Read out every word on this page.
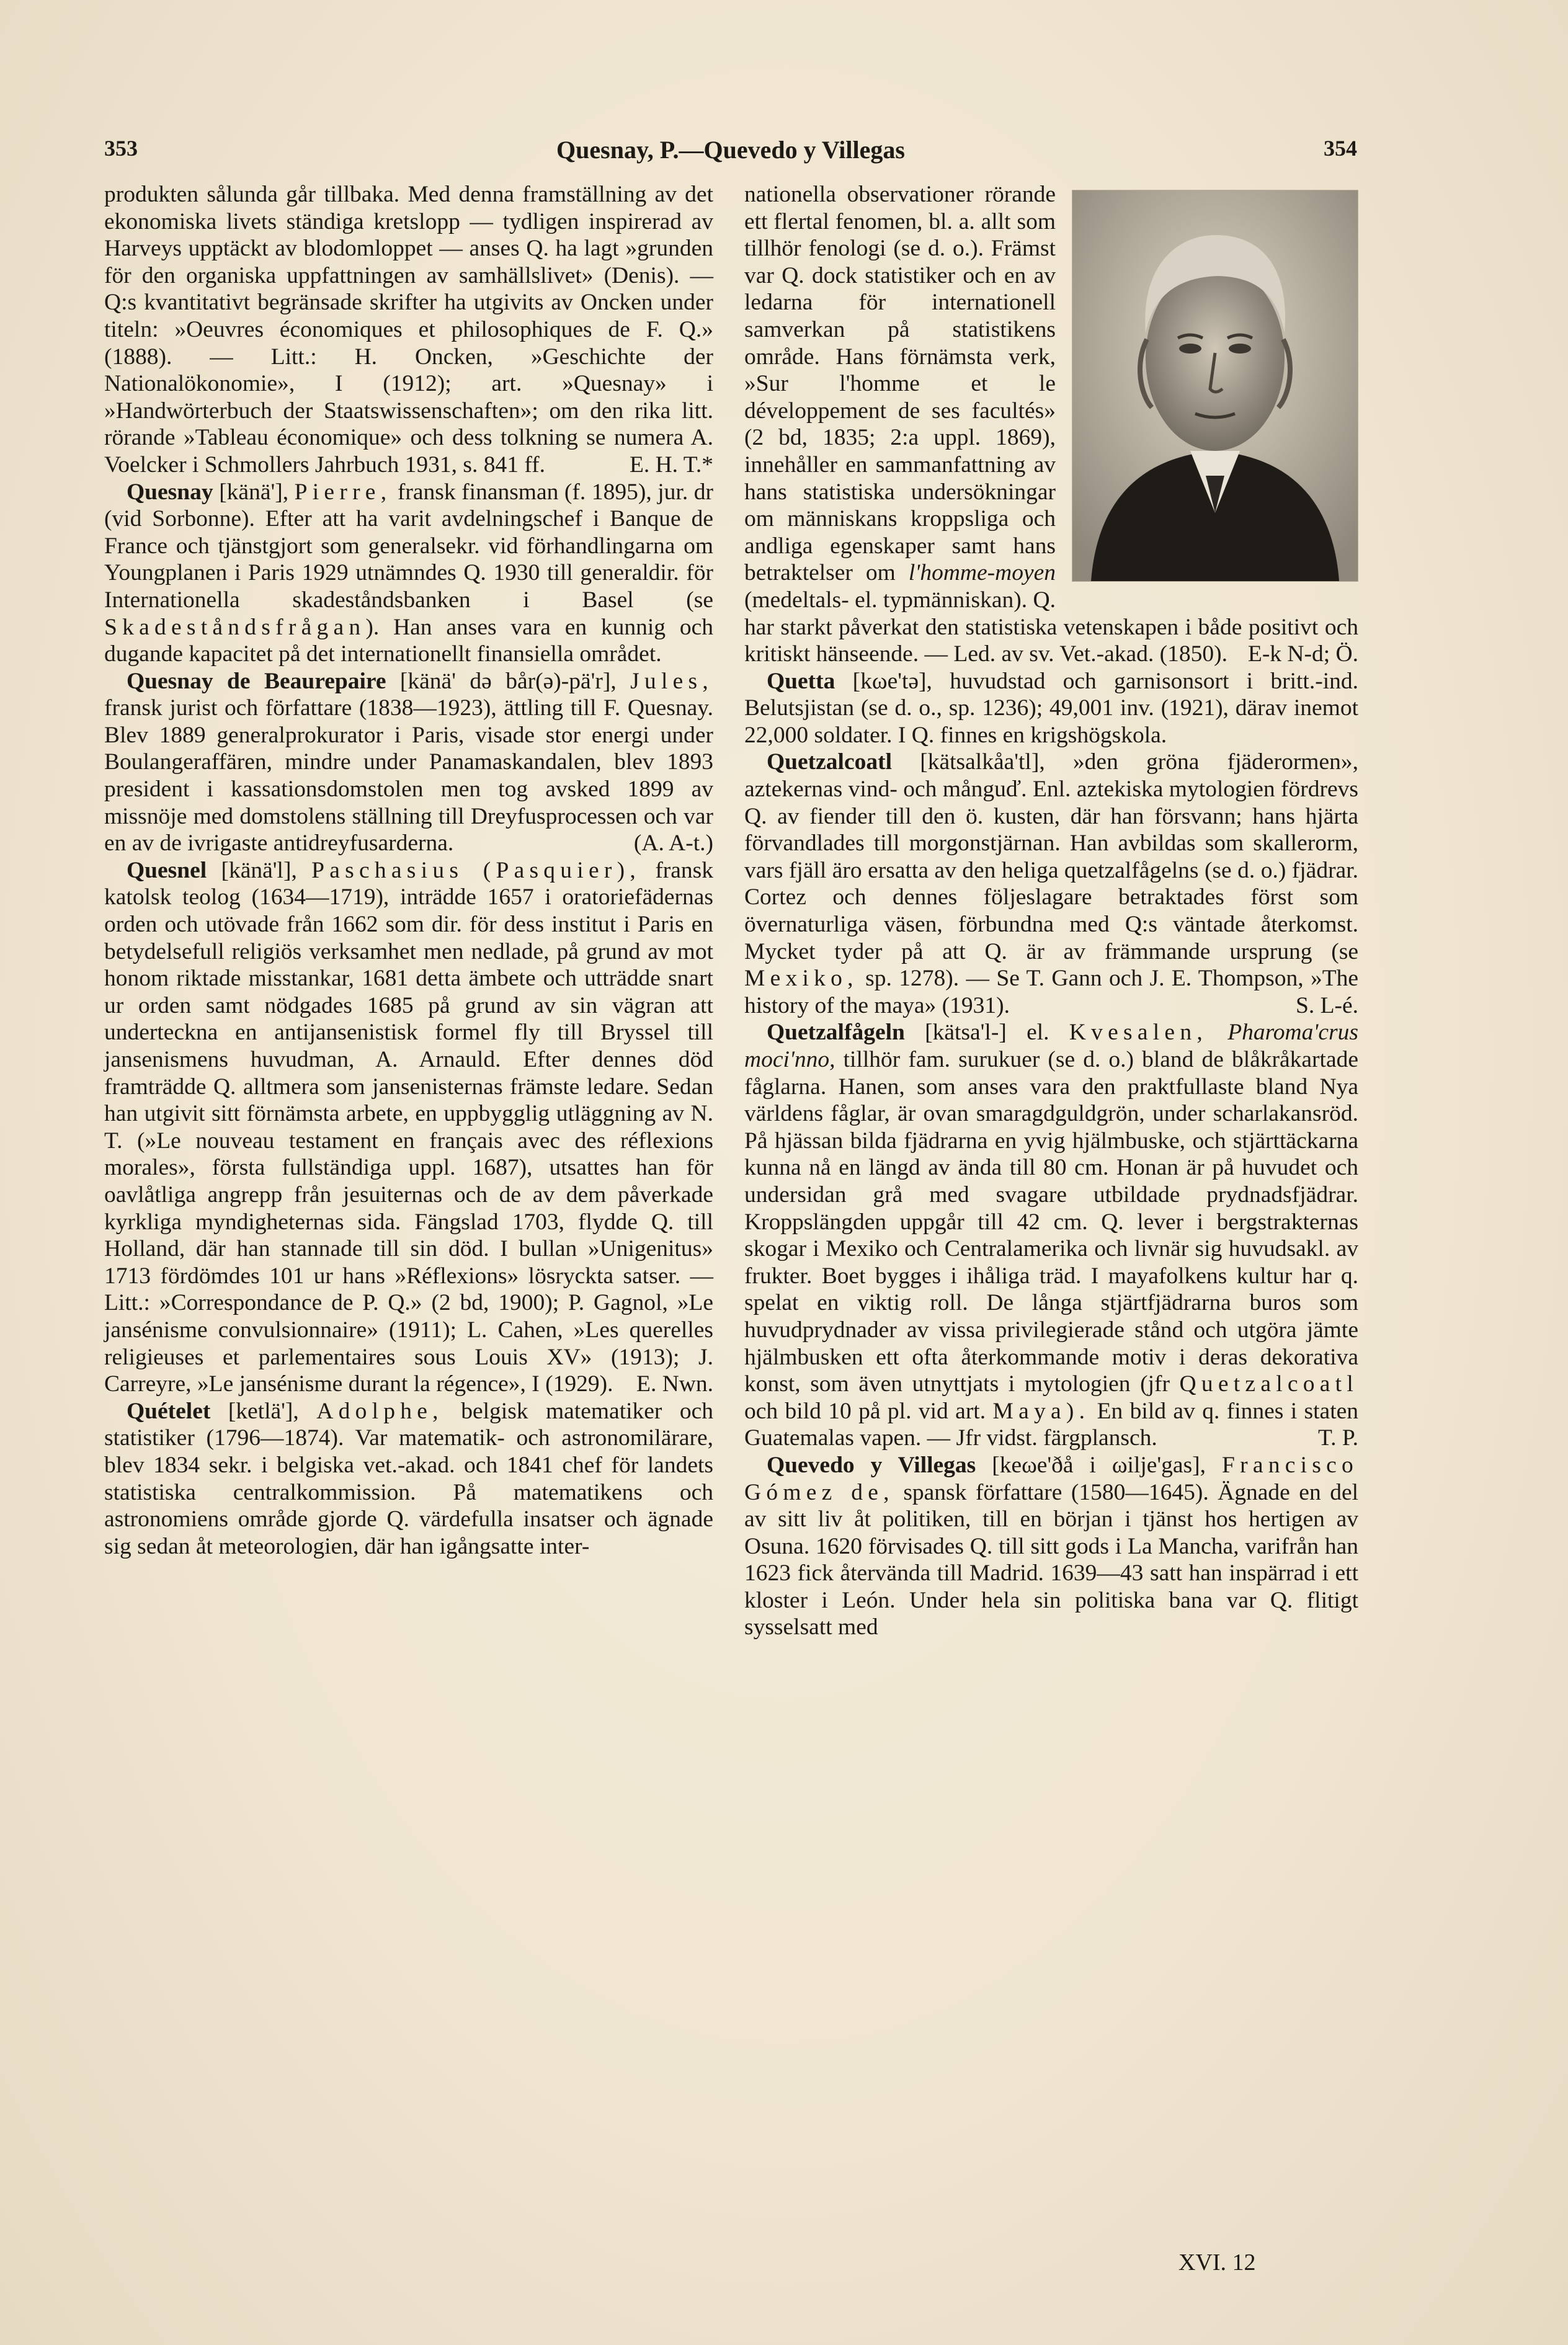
353	Quesnay, P.—Quevedo y Villegas	354

produkten sålunda går tillbaka. Med denna framställning av det ekonomiska livets ständiga kretslopp — tydligen inspirerad av Harveys upptäckt av blodomloppet — anses Q. ha lagt »grunden för den organiska uppfattningen av samhällslivet» (Denis). — Q:s kvantitativt begränsade skrifter ha utgivits av Oncken under titeln: »Oeuvres économiques et philosophiques de F. Q.» (1888). — Litt.: H. Oncken, »Geschichte der Nationalökonomie», I (1912); art. »Quesnay» i »Handwörterbuch der Staatswissenschaften»; om den rika litt. rörande »Tableau économique» och dess tolkning se numera A. Voelcker i Schmollers Jahrbuch 1931, s. 841 ff.	E. H. T.*

Quesnay [känä'], Pierre, fransk finansman (f. 1895), jur. dr (vid Sorbonne). Efter att ha varit avdelningschef i Banque de France och tjänstgjort som generalsekr. vid förhandlingarna om Youngplanen i Paris 1929 utnämndes Q. 1930 till generaldir. för Internationella skadeståndsbanken i Basel (se Skadeståndsfrågan). Han anses vara en kunnig och dugande kapacitet på det internationellt finansiella området.

Quesnay de Beaurepaire [känä' də bår(ə)-pä'r], Jules, fransk jurist och författare (1838—1923), ättling till F. Quesnay. Blev 1889 generalprokurator i Paris, visade stor energi under Boulangeraffären, mindre under Panamaskandalen, blev 1893 president i kassationsdomstolen men tog avsked 1899 av missnöje med domstolens ställning till Dreyfusprocessen och var en av de ivrigaste antidreyfusarderna.	(A. A-t.)

Quesnel [känä'l], Paschasius (Pasquier), fransk katolsk teolog (1634—1719), inträdde 1657 i oratoriefädernas orden och utövade från 1662 som dir. för dess institut i Paris en betydelsefull religiös verksamhet men nedlade, på grund av mot honom riktade misstankar, 1681 detta ämbete och utträdde snart ur orden samt nödgades 1685 på grund av sin vägran att underteckna en antijansenistisk formel fly till Bryssel till jansenismens huvudman, A. Arnauld. Efter dennes död framträdde Q. alltmera som jansenisternas främste ledare. Sedan han utgivit sitt förnämsta arbete, en uppbygglig utläggning av N. T. (»Le nouveau testament en français avec des réflexions morales», första fullständiga uppl. 1687), utsattes han för oavlåtliga angrepp från jesuiternas och de av dem påverkade kyrkliga myndigheternas sida. Fängslad 1703, flydde Q. till Holland, där han stannade till sin död. I bullan »Unigenitus» 1713 fördömdes 101 ur hans »Réflexions» lösryckta satser. — Litt.: »Correspondance de P. Q.» (2 bd, 1900); P. Gagnol, »Le jansénisme convulsionnaire» (1911); L. Cahen, »Les querelles religieuses et parlementaires sous Louis XV» (1913); J. Carreyre, »Le jansénisme durant la régence», I (1929).	E. Nwn.

Quételet [ketlä'], Adolphe, belgisk matematiker och statistiker (1796—1874). Var matematik- och astronomilärare, blev 1834 sekr. i belgiska vet.-akad. och 1841 chef för landets statistiska centralkommission. På matematikens och astronomiens område gjorde Q. värdefulla insatser och ägnade sig sedan åt meteorologien, där han igångsatte inter-

nationella observationer rörande ett flertal fenomen, bl. a. allt som tillhör fenologi (se d. o.). Främst var Q. dock statistiker och en av ledarna för internationell samverkan på statistikens område. Hans förnämsta verk, »Sur l'homme et le développement de ses facultés» (2 bd, 1835; 2:a uppl. 1869), innehåller en sammanfattning av hans statistiska undersökningar om människans kroppsliga och andliga egenskaper samt hans betraktelser om l'homme-moyen (medeltals- el. typmänniskan). Q. har starkt påverkat den statistiska vetenskapen i både positivt och kritiskt hänseende. — Led. av sv. Vet.-akad. (1850). E-k N-d; Ö.

Quetta [kωe'tə], huvudstad och garnisonsort i britt.-ind. Belutsjistan (se d. o., sp. 1236); 49,001 inv. (1921), därav inemot 22,000 soldater. I Q. finnes en krigshögskola.

Quetzalcoatl [kätsalkåa'tl], »den gröna fjäderormen», aztekernas vind- och månguď. Enl. aztekiska mytologien fördrevs Q. av fiender till den ö. kusten, där han försvann; hans hjärta förvandlades till morgonstjärnan. Han avbildas som skallerorm, vars fjäll äro ersatta av den heliga quetzalfågelns (se d. o.) fjädrar. Cortez och dennes följeslagare betraktades först som övernaturliga väsen, förbundna med Q:s väntade återkomst. Mycket tyder på att Q. är av främmande ursprung (se Mexiko, sp. 1278). — Se T. Gann och J. E. Thompson, »The history of the maya» (1931).	S. L-é.

Quetzalfågeln [kätsa'l-] el. Kvesalen, Pharoma'crus moci'nno, tillhör fam. surukuer (se d. o.) bland de blåkråkartade fåglarna. Hanen, som anses vara den praktfullaste bland Nya världens fåglar, är ovan smaragdguldgrön, under scharlakansröd. På hjässan bilda fjädrarna en yvig hjälmbuske, och stjärttäckarna kunna nå en längd av ända till 80 cm. Honan är på huvudet och undersidan grå med svagare utbildade prydnadsfjädrar. Kroppslängden uppgår till 42 cm. Q. lever i bergstrakternas skogar i Mexiko och Centralamerika och livnär sig huvudsakl. av frukter. Boet bygges i ihåliga träd. I mayafolkens kultur har q. spelat en viktig roll. De långa stjärtfjädrarna buros som huvudprydnader av vissa privilegierade stånd och utgöra jämte hjälmbusken ett ofta återkommande motiv i deras dekorativa konst, som även utnyttjats i mytologien (jfr Quetzalcoatl och bild 10 på pl. vid art. Maya). En bild av q. finnes i staten Guatemalas vapen. — Jfr vidst. färgplansch.	T. P.

Quevedo y Villegas [keωe'ðå i ωilje'gas], Francisco Gómez de, spansk författare (1580—1645). Ägnade en del av sitt liv åt politiken, till en början i tjänst hos hertigen av Osuna. 1620 förvisades Q. till sitt gods i La Mancha, varifrån han 1623 fick återvända till Madrid. 1639—43 satt han inspärrad i ett kloster i León. Under hela sin politiska bana var Q. flitigt sysselsatt med

XVI. 12
